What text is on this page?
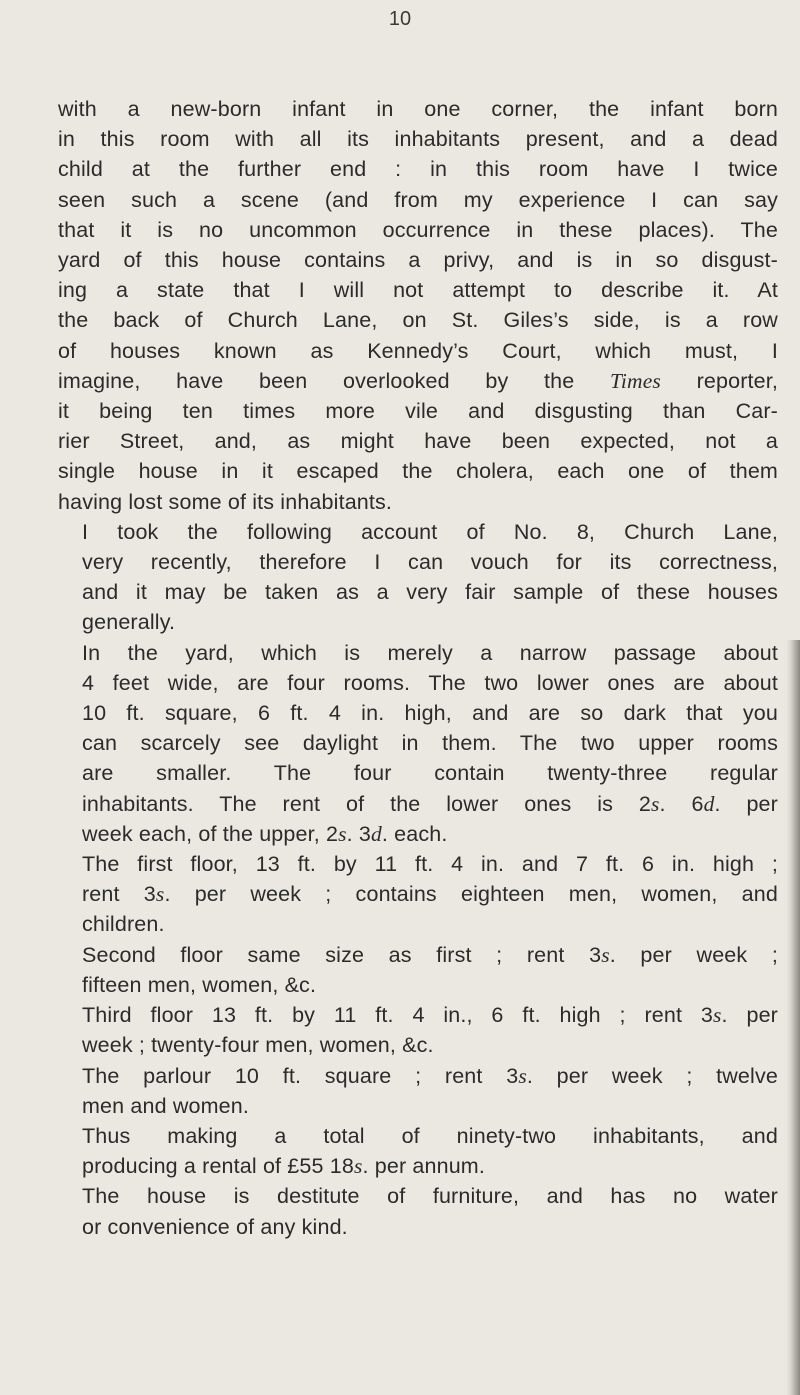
10

with a new-born infant in one corner, the infant born
in this room with all its inhabitants present, and a dead
child at the further end : in this room have I twice
seen such a scene (and from my experience I can say
that it is no uncommon occurrence in these places). The
yard of this house contains a privy, and is in so disgust-
ing a state that I will not attempt to describe it. At
the back of Church Lane, on St. Giles’s side, is a row
of houses known as Kennedy’s Court, which must, I
imagine, have been overlooked by the Times reporter,
it being ten times more vile and disgusting than Car-
rier Street, and, as might have been expected, not a
single house in it escaped the cholera, each one of them
having lost some of its inhabitants.

I took the following account of No. 8, Church Lane,
very recently, therefore I can vouch for its correctness,
and it may be taken as a very fair sample of these houses
generally.

In the yard, which is merely a narrow passage about
4 feet wide, are four rooms. The two lower ones are about
10 ft. square, 6 ft. 4 in. high, and are so dark that you
can scarcely see daylight in them. The two upper rooms
are smaller. The four contain twenty-three regular
inhabitants. The rent of the lower ones is 2s. 6d. per
week each, of the upper, 2s. 3d. each.

The first floor, 13 ft. by 11 ft. 4 in. and 7 ft. 6 in. high ;
rent 3s. per week ; contains eighteen men, women, and
children.

Second floor same size as first ; rent 3s. per week ;
fifteen men, women, &c.

Third floor 13 ft. by 11 ft. 4 in., 6 ft. high ; rent 3s. per
week ; twenty-four men, women, &c.

The parlour 10 ft. square ; rent 3s. per week ; twelve
men and women.

Thus making a total of ninety-two inhabitants, and
producing a rental of £55 18s. per annum.

The house is destitute of furniture, and has no water
or convenience of any kind.
